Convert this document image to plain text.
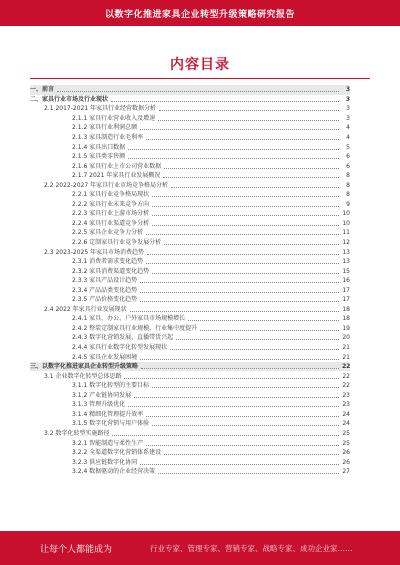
以数字化推进家具企业转型升级策略研究报告
内容目录
一、前言	3
二、家具行业市场及行业现状	3
2.1 2017-2021 年家具行业经营数据分析	3
2.1.1 家具行业营业收入及增速	3
2.1.2 家具行业利润总额	4
2.1.3 家具制造行业毛利率	4
2.1.4 家具出口数据	5
2.1.5 家具类零售额	6
2.1.6 家具行业上市公司营业数据	6
2.1.7 2021 年家具行业发展概况	8
2.2 2022-2027 年家具行业市场竞争格局分析	8
2.2.1 家具行业竞争格局现状	8
2.2.2 家具行业未来竞争方向	9
2.2.3 家具行业上游市场分析	10
2.2.4 家具行业渠道竞争分析	10
2.2.5 家具企业竞争力分析	11
2.2.6 定制家具行业竞争发展分析	12
2.3 2023-2025 年家具市场消费趋势	13
2.3.1 消费者需求变化趋势	13
2.3.2 家具消费渠道变化趋势	15
2.3.3 家具产品设计趋势	16
2.3.4 产品品类变化趋势	17
2.3.5 产品价格变化趋势	17
2.4 2022 年家具行业发展现状	18
2.4.1 家具、办公、户外家具市场规模增长	18
2.4.2 整装定制家具行业规模，行业集中度提升	19
2.4.3 数字化营销发展，直播带货兴起	20
2.4.4 家具行业数字化转型发展现状	21
2.4.5 家具企业发展困境	21
三、以数字化推进家具企业转型升级策略	22
3.1 企业数字化转型总体思路	22
3.1.1 数字化转型的主要目标	22
3.1.2 产业链协同发展	23
3.1.3 管理升级优化	23
3.1.4 精细化管理提升效率	24
3.1.5 数字化营销与用户体验	24
3.2 数字化转型实施路径	25
3.2.1 智能制造与柔性生产	25
3.2.2 全渠道数字化营销体系建设	26
3.2.3 供应链数字化协同	26
3.2.4 数据驱动的企业经营决策	27
让每个人都能成为	行业专家、管理专家、营销专家、战略专家、成功企业家……
